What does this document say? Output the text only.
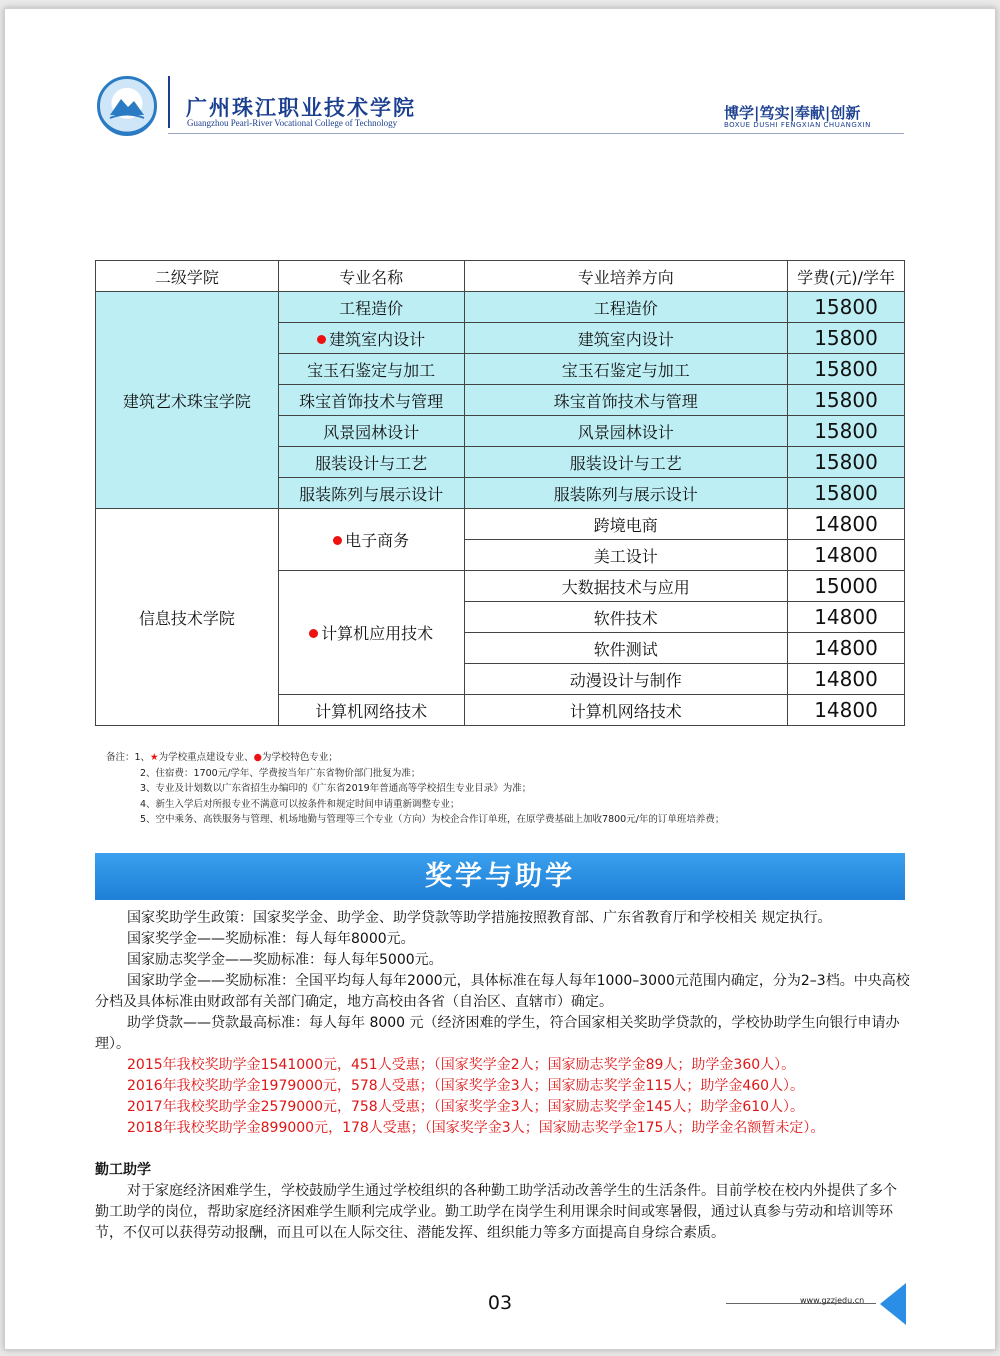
广州珠江职业技术学院
Guangzhou Pearl-River Vocational College of Technology
博学|笃实|奉献|创新
BOXUE DUSHI FENGXIAN CHUANGXIN
二级学院	专业名称	专业培养方向	学费(元)/学年
建筑艺术珠宝学院	工程造价	工程造价	15800
	建筑室内设计	建筑室内设计	15800
	宝玉石鉴定与加工	宝玉石鉴定与加工	15800
	珠宝首饰技术与管理	珠宝首饰技术与管理	15800
	风景园林设计	风景园林设计	15800
	服装设计与工艺	服装设计与工艺	15800
	服装陈列与展示设计	服装陈列与展示设计	15800
信息技术学院	电子商务	跨境电商	14800
		美工设计	14800
	计算机应用技术	大数据技术与应用	15000
		软件技术	14800
		软件测试	14800
		动漫设计与制作	14800
	计算机网络技术	计算机网络技术	14800
备注：1、★为学校重点建设专业、●为学校特色专业；
2、住宿费：1700元/学年、学费按当年广东省物价部门批复为准；
3、专业及计划数以广东省招生办编印的《广东省2019年普通高等学校招生专业目录》为准；
4、新生入学后对所报专业不满意可以按条件和规定时间申请重新调整专业；
5、空中乘务、高铁服务与管理、机场地勤与管理等三个专业（方向）为校企合作订单班，在原学费基础上加收7800元/年的订单班培养费；
奖学与助学

国家奖助学生政策：国家奖学金、助学金、助学贷款等助学措施按照教育部、广东省教育厅和学校相关 规定执行。

国家奖学金——奖励标准：每人每年8000元。

国家励志奖学金——奖励标准：每人每年5000元。

国家助学金——奖励标准：全国平均每人每年2000元，具体标准在每人每年1000–3000元范围内确定，分为2–3档。中央高校分档及具体标准由财政部有关部门确定，地方高校由各省（自治区、直辖市）确定。

助学贷款——贷款最高标准：每人每年 8000 元（经济困难的学生，符合国家相关奖助学贷款的，学校协助学生向银行申请办理）。

2015年我校奖助学金1541000元，451人受惠；（国家奖学金2人；国家励志奖学金89人；助学金360人）。

2016年我校奖助学金1979000元，578人受惠；（国家奖学金3人；国家励志奖学金115人；助学金460人）。

2017年我校奖助学金2579000元，758人受惠；（国家奖学金3人；国家励志奖学金145人；助学金610人）。

2018年我校奖助学金899000元，178人受惠；（国家奖学金3人；国家励志奖学金175人；助学金名额暂未定）。

勤工助学

对于家庭经济困难学生，学校鼓励学生通过学校组织的各种勤工助学活动改善学生的生活条件。目前学校在校内外提供了多个勤工助学的岗位，帮助家庭经济困难学生顺利完成学业。勤工助学在岗学生利用课余时间或寒暑假，通过认真参与劳动和培训等环节，不仅可以获得劳动报酬，而且可以在人际交往、潜能发挥、组织能力等多方面提高自身综合素质。

03	www.gzzjedu.cn
